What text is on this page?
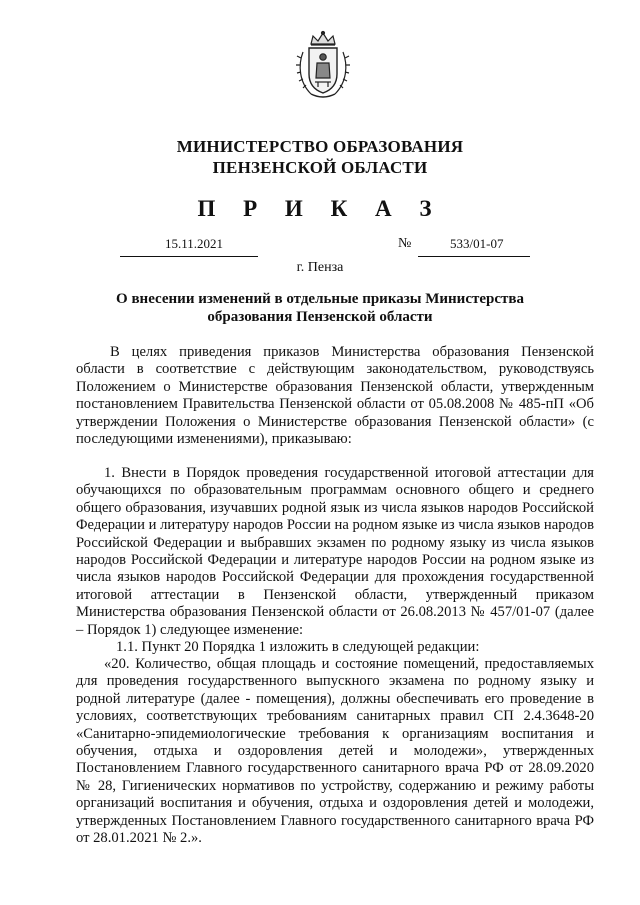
МИНИСТЕРСТВО ОБРАЗОВАНИЯ
ПЕНЗЕНСКОЙ ОБЛАСТИ
П Р И К А З
15.11.2021	№	533/01-07
г. Пенза
О внесении изменений в отдельные приказы Министерства
образования Пензенской области

В целях приведения приказов Министерства образования Пензенской области в соответствие с действующим законодательством, руководствуясь Положением о Министерстве образования Пензенской области, утвержденным постановлением Правительства Пензенской области от 05.08.2008 № 485-пП «Об утверждении Положения о Министерстве образования Пензенской области» (с последующими изменениями), приказываю:

1. Внести в Порядок проведения государственной итоговой аттестации для обучающихся по образовательным программам основного общего и среднего общего образования, изучавших родной язык из числа языков народов Российской Федерации и литературу народов России на родном языке из числа языков народов Российской Федерации и выбравших экзамен по родному языку из числа языков народов Российской Федерации и литературе народов России на родном языке из числа языков народов Российской Федерации для прохождения государственной итоговой аттестации в Пензенской области, утвержденный приказом Министерства образования Пензенской области от 26.08.2013 № 457/01-07 (далее – Порядок 1) следующее изменение:

1.1. Пункт 20 Порядка 1 изложить в следующей редакции:

«20. Количество, общая площадь и состояние помещений, предоставляемых для проведения государственного выпускного экзамена по родному языку и родной литературе (далее - помещения), должны обеспечивать его проведение в условиях, соответствующих требованиям санитарных правил СП 2.4.3648-20 «Санитарно-эпидемиологические требования к организациям воспитания и обучения, отдыха и оздоровления детей и молодежи», утвержденных Постановлением Главного государственного санитарного врача РФ от 28.09.2020 № 28, Гигиенических нормативов по устройству, содержанию и режиму работы организаций воспитания и обучения, отдыха и оздоровления детей и молодежи, утвержденных Постановлением Главного государственного санитарного врача РФ от 28.01.2021 № 2.».
